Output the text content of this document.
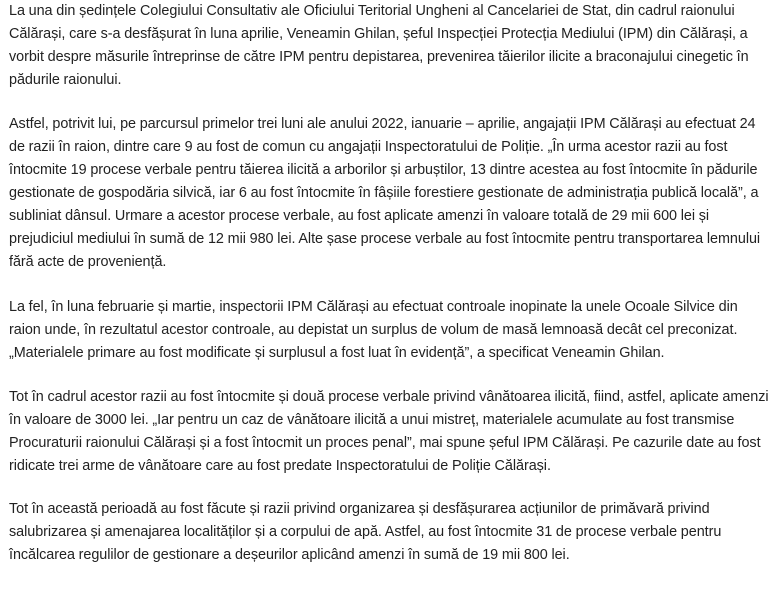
La una din ședințele Colegiului Consultativ ale Oficiului Teritorial Ungheni al Cancelariei de Stat, din cadrul raionului Călărași, care s-a desfășurat în luna aprilie, Veneamin Ghilan, șeful Inspecției Protecția Mediului (IPM) din Călărași, a vorbit despre măsurile întreprinse de către IPM pentru depistarea, prevenirea tăierilor ilicite a braconajului cinegetic în pădurile raionului.

Astfel, potrivit lui, pe parcursul primelor trei luni ale anului 2022, ianuarie – aprilie, angajații IPM Călărași au efectuat 24 de razii în raion, dintre care 9 au fost de comun cu angajații Inspectoratului de Poliție. „În urma acestor razii au fost întocmite 19 procese verbale pentru tăierea ilicită a arborilor și arbuștilor, 13 dintre acestea au fost întocmite în pădurile gestionate de gospodăria silvică, iar 6 au fost întocmite în fâșiile forestiere gestionate de administrația publică locală”, a subliniat dânsul. Urmare a acestor procese verbale, au fost aplicate amenzi în valoare totală de 29 mii 600 lei și prejudiciul mediului în sumă de 12 mii 980 lei. Alte șase procese verbale au fost întocmite pentru transportarea lemnului fără acte de proveniență.

La fel, în luna februarie și martie, inspectorii IPM Călărași au efectuat controale inopinate la unele Ocoale Silvice din raion unde, în rezultatul acestor controale, au depistat un surplus de volum de masă lemnoasă decât cel preconizat. „Materialele primare au fost modificate și surplusul a fost luat în evidență”, a specificat Veneamin Ghilan.

Tot în cadrul acestor razii au fost întocmite și două procese verbale privind vânătoarea ilicită, fiind, astfel, aplicate amenzi în valoare de 3000 lei. „Iar pentru un caz de vânătoare ilicită a unui mistreț, materialele acumulate au fost transmise Procuraturii raionului Călărași și a fost întocmit un proces penal”, mai spune șeful IPM Călărași. Pe cazurile date au fost ridicate trei arme de vânătoare care au fost predate Inspectoratului de Poliție Călărași.

Tot în această perioadă au fost făcute și razii privind organizarea și desfășurarea acțiunilor de primăvară privind salubrizarea și amenajarea localităților și a corpului de apă. Astfel, au fost întocmite 31 de procese verbale pentru încălcarea regulilor de gestionare a deșeurilor aplicând amenzi în sumă de 19 mii 800 lei.
